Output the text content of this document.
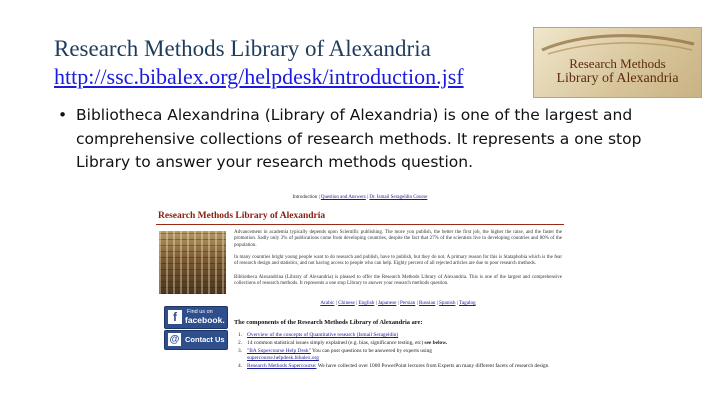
Research Methods Library of Alexandria
http://ssc.bibalex.org/helpdesk/introduction.jsf
Research Methods
Library of Alexandria
• Bibliotheca Alexandrina (Library of Alexandria) is one of the largest and comprehensive collections of research methods. It represents a one stop Library to answer your research methods question.
Introduction | Question and Answers | Dr. Ismail Serageldin Course
Research Methods Library of Alexandria
Advancement in academia typically depends upon Scientific publishing. The more you publish, the better the first job, the higher the raise, and the faster the promotion. Sadly only 3% of publications come from developing countries, despite the fact that 27% of the scientists live in developing countries and 80% of the population.
In many countries bright young people want to do research and publish, have to publish, but they do not. A primary reason for this is Stataphobia which is the fear of research design and statistics, and not having access to people who can help. Eighty percent of all rejected articles are due to poor research methods.
Bibliotheca Alexandrina (Library of Alexandria) is pleased to offer the Research Methods Library of Alexandria. This is one of the largest and comprehensive collections of research methods. It represents a one stop Library to answer your research methods question.
Arabic | Chinese | English | Japanese | Persian | Russian | Spanish | Tagalog
f	Find us on
facebook.
@ Contact Us
The components of the Research Methods Library of Alexandria are:
1. Overview of the concepts of Quantitative research (Ismail Serageldin)
2. 14 common statistical issues simply explained (e.g. bias, significance testing, etc) see below.
3. "BA Supercourse Help Desk" You can post questions to be answered by experts using
supercourse.helpdesk.bibalex.org
4. Research Methods Supercourse: We have collected over 1000 PowerPoint lectures from Experts an many different facets of research design
